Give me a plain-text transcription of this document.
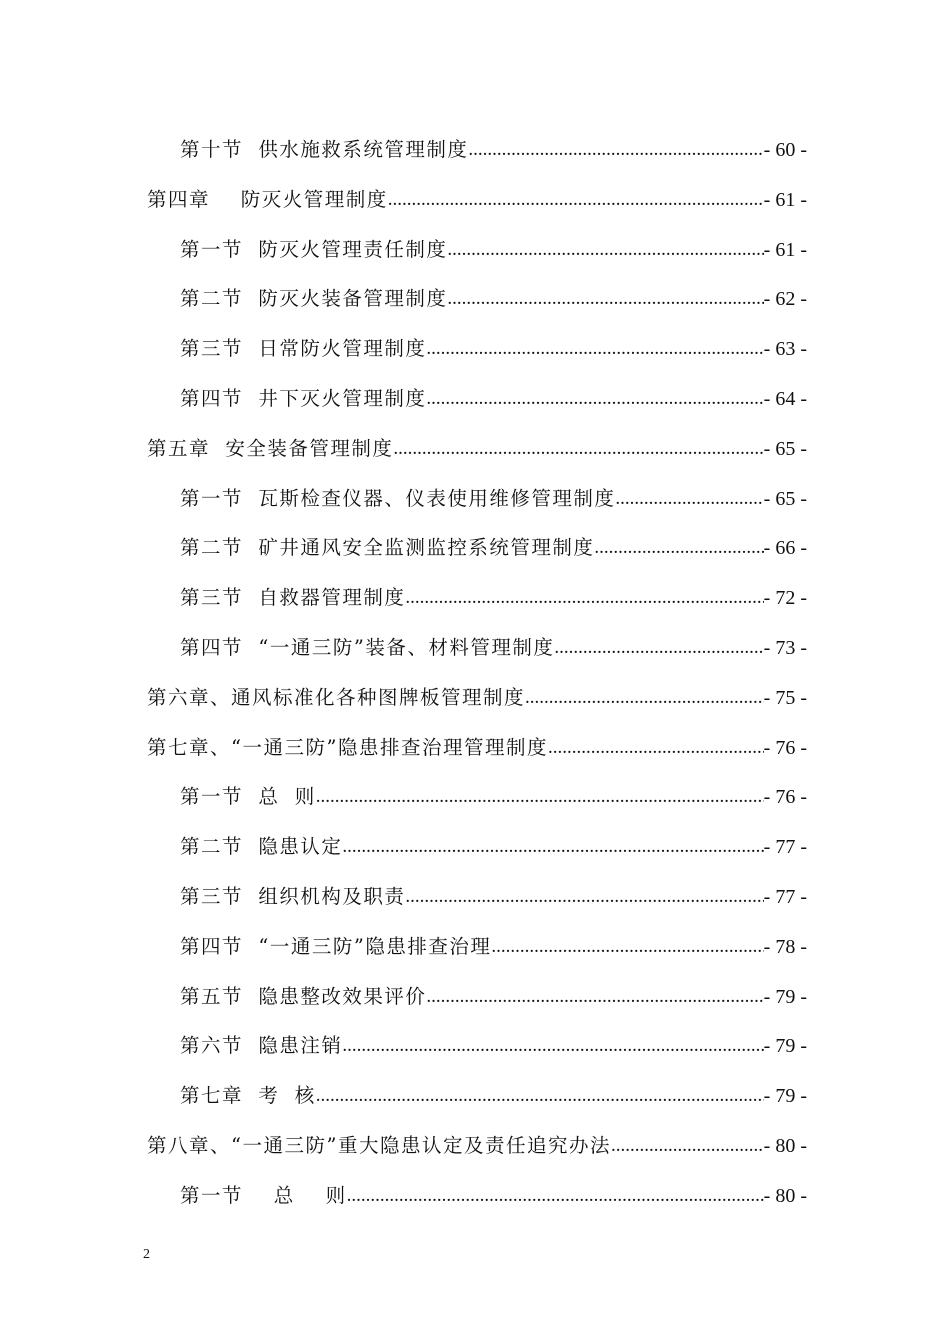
第十节  供水施救系统管理制度 .....	- 60 -
第四章    防灭火管理制度 .....	- 61 -
第一节  防灭火管理责任制度 .....	- 61 -
第二节  防灭火装备管理制度 .....	- 62 -
第三节  日常防火管理制度 .....	- 63 -
第四节  井下灭火管理制度 .....	- 64 -
第五章  安全装备管理制度 .....	- 65 -
第一节  瓦斯检查仪器、仪表使用维修管理制度 .....	- 65 -
第二节  矿井通风安全监测监控系统管理制度 .....	- 66 -
第三节  自救器管理制度 .....	- 72 -
第四节  “一通三防”装备、材料管理制度 .....	- 73 -
第六章、通风标准化各种图牌板管理制度 .....	- 75 -
第七章、“一通三防”隐患排查治理管理制度 .....	- 76 -
第一节  总  则 .....	- 76 -
第二节  隐患认定 .....	- 77 -
第三节  组织机构及职责 .....	- 77 -
第四节  “一通三防”隐患排查治理 .....	- 78 -
第五节  隐患整改效果评价 .....	- 79 -
第六节  隐患注销 .....	- 79 -
第七章  考  核 .....	- 79 -
第八章、“一通三防”重大隐患认定及责任追究办法 .....	- 80 -
第一节    总    则 .....	- 80 -
2
